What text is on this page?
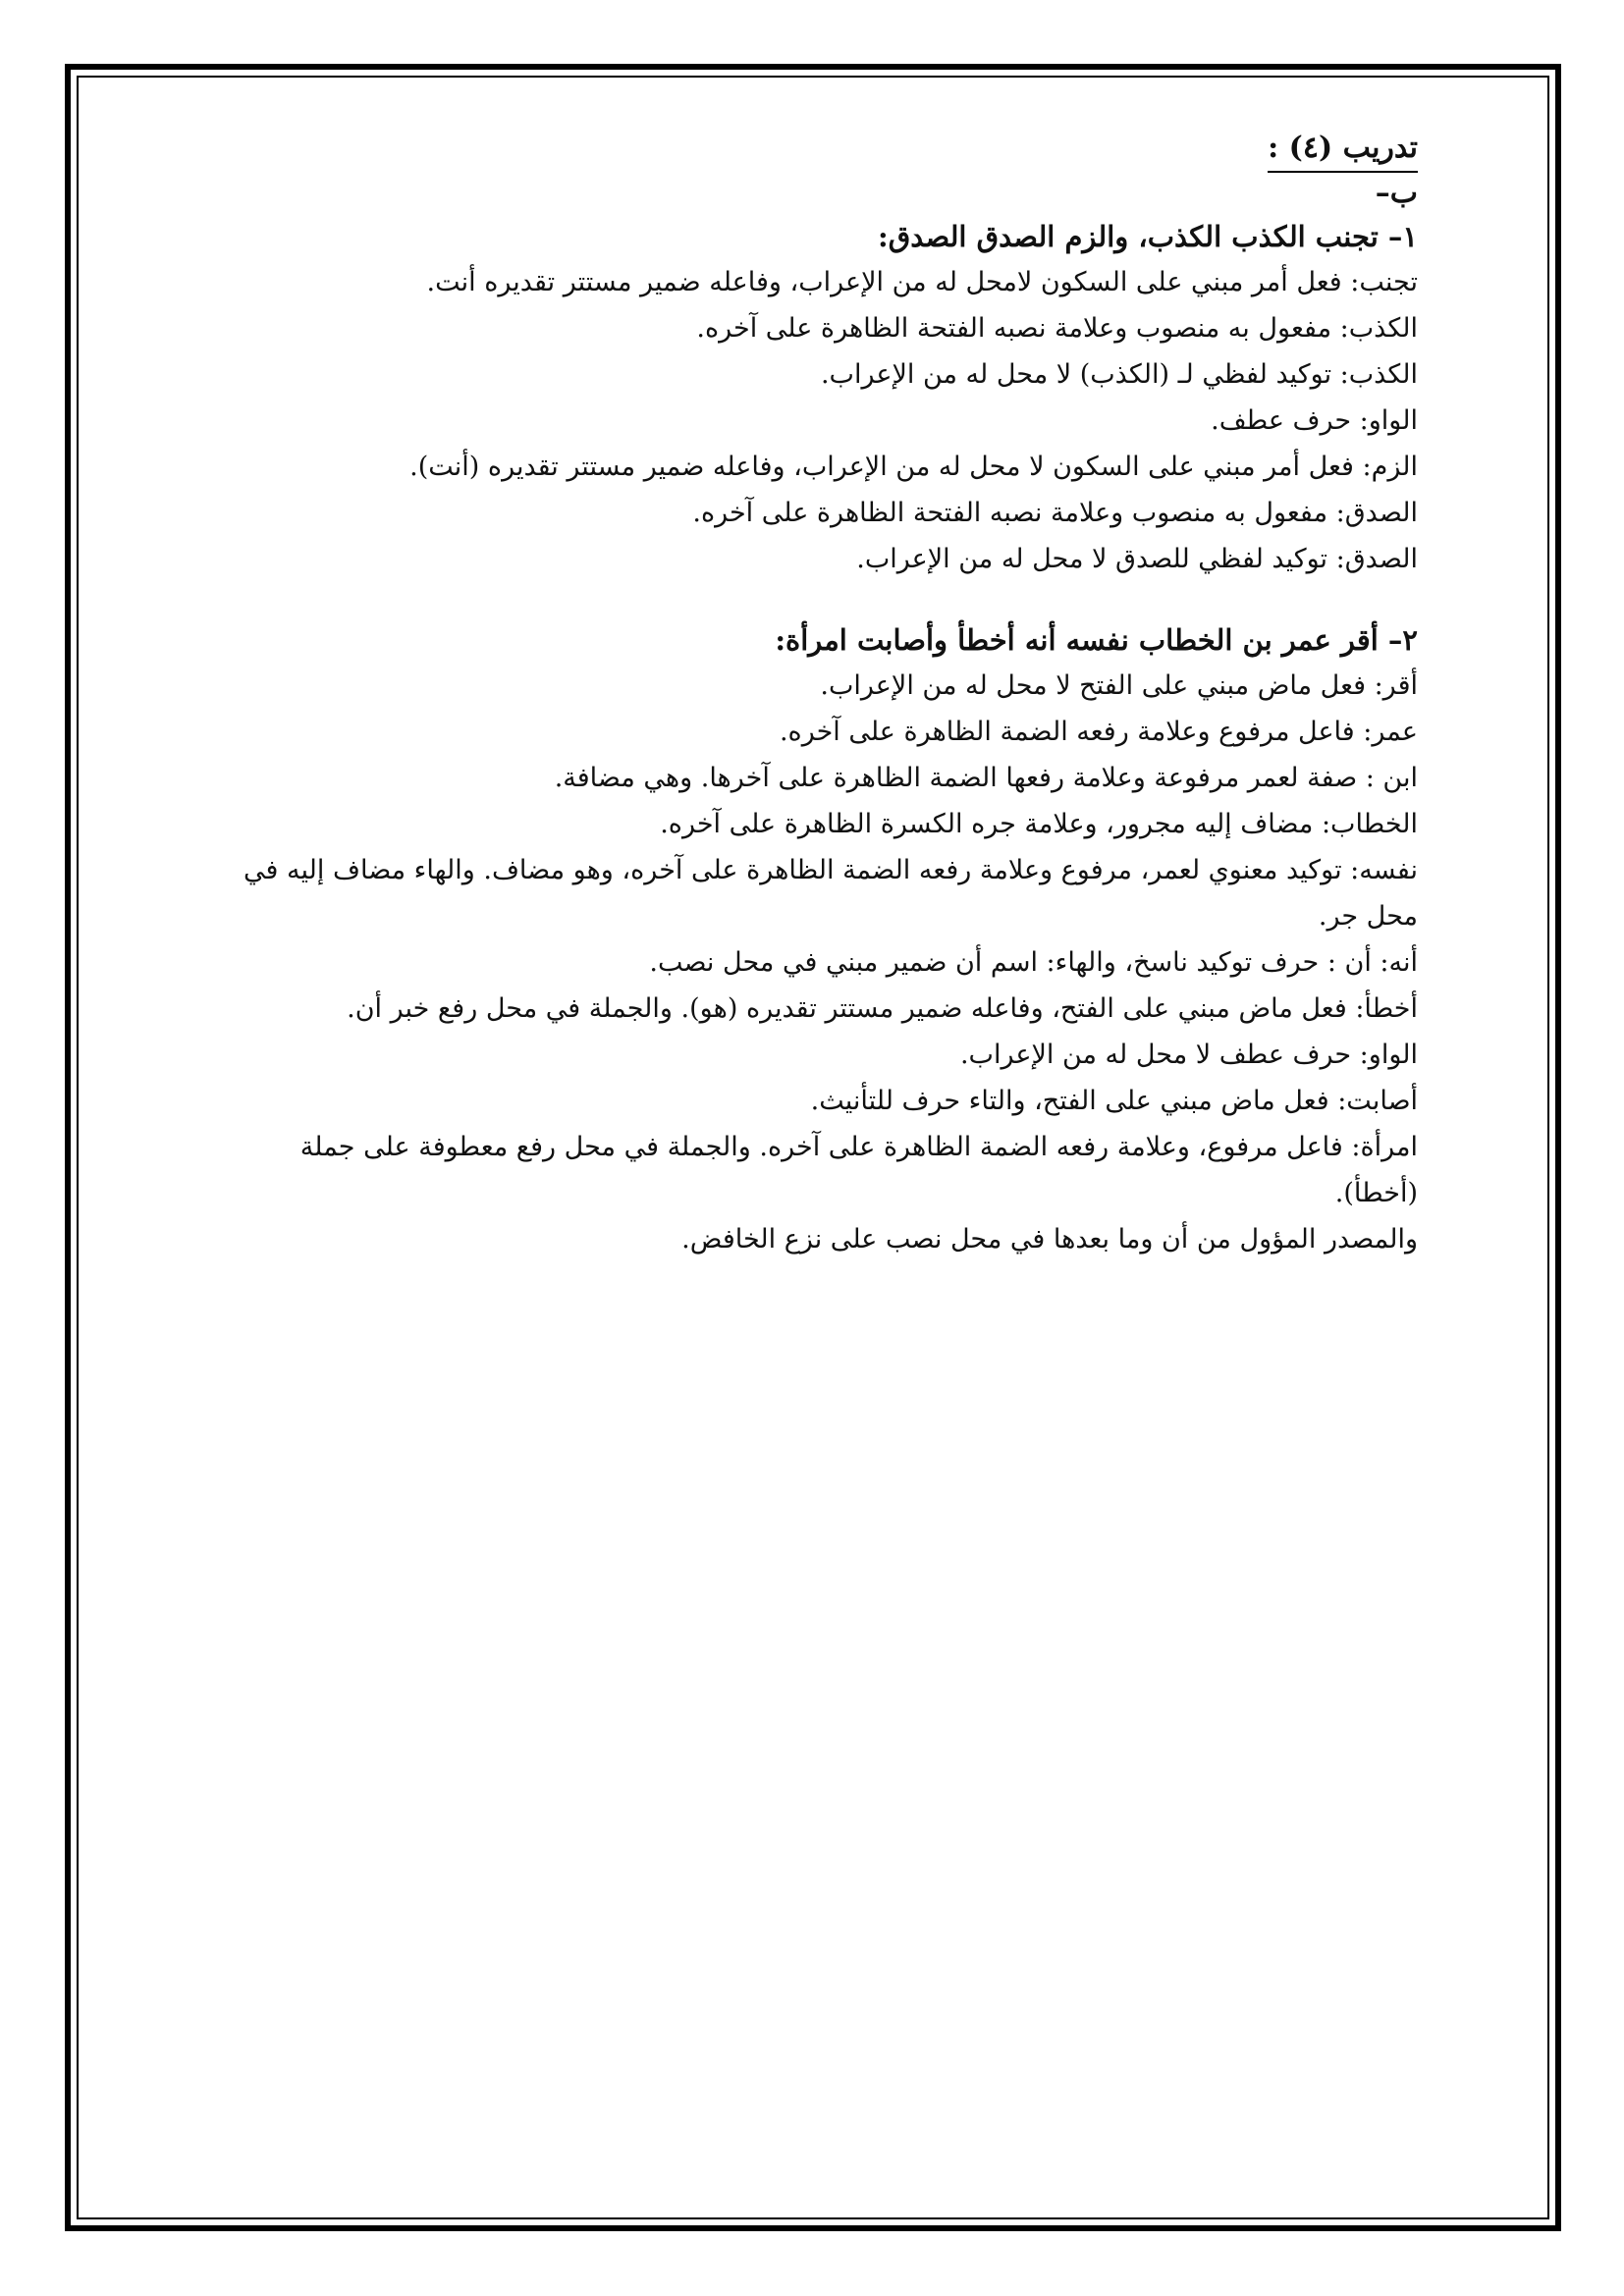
تدريب (٤) :
ب–
١– تجنب الكذب الكذب، والزم الصدق الصدق:

تجنب: فعل أمر مبني على السكون لامحل له من الإعراب، وفاعله ضمير مستتر تقديره أنت.

الكذب: مفعول به منصوب وعلامة نصبه الفتحة الظاهرة على آخره.

الكذب: توكيد لفظي لـ (الكذب) لا محل له من الإعراب.

الواو: حرف عطف.

الزم: فعل أمر مبني على السكون لا محل له من الإعراب، وفاعله ضمير مستتر تقديره (أنت).

الصدق: مفعول به منصوب وعلامة نصبه الفتحة الظاهرة على آخره.

الصدق: توكيد لفظي للصدق لا محل له من الإعراب.

٢– أقر عمر بن الخطاب نفسه أنه أخطأ وأصابت امرأة:

أقر: فعل ماض مبني على الفتح لا محل له من الإعراب.

عمر: فاعل مرفوع وعلامة رفعه الضمة الظاهرة على آخره.

ابن : صفة لعمر مرفوعة وعلامة رفعها الضمة الظاهرة على آخرها. وهي مضافة.

الخطاب: مضاف إليه مجرور، وعلامة جره الكسرة الظاهرة على آخره.

نفسه: توكيد معنوي لعمر، مرفوع وعلامة رفعه الضمة الظاهرة على آخره، وهو مضاف. والهاء مضاف إليه في محل جر.

أنه: أن : حرف توكيد ناسخ، والهاء: اسم أن ضمير مبني في محل نصب.

أخطأ: فعل ماض مبني على الفتح، وفاعله ضمير مستتر تقديره (هو). والجملة في محل رفع خبر أن.

الواو: حرف عطف لا محل له من الإعراب.

أصابت: فعل ماض مبني على الفتح، والتاء حرف للتأنيث.

امرأة: فاعل مرفوع، وعلامة رفعه الضمة الظاهرة على آخره. والجملة في محل رفع معطوفة على جملة (أخطأ).

والمصدر المؤول من أن وما بعدها في محل نصب على نزع الخافض.
